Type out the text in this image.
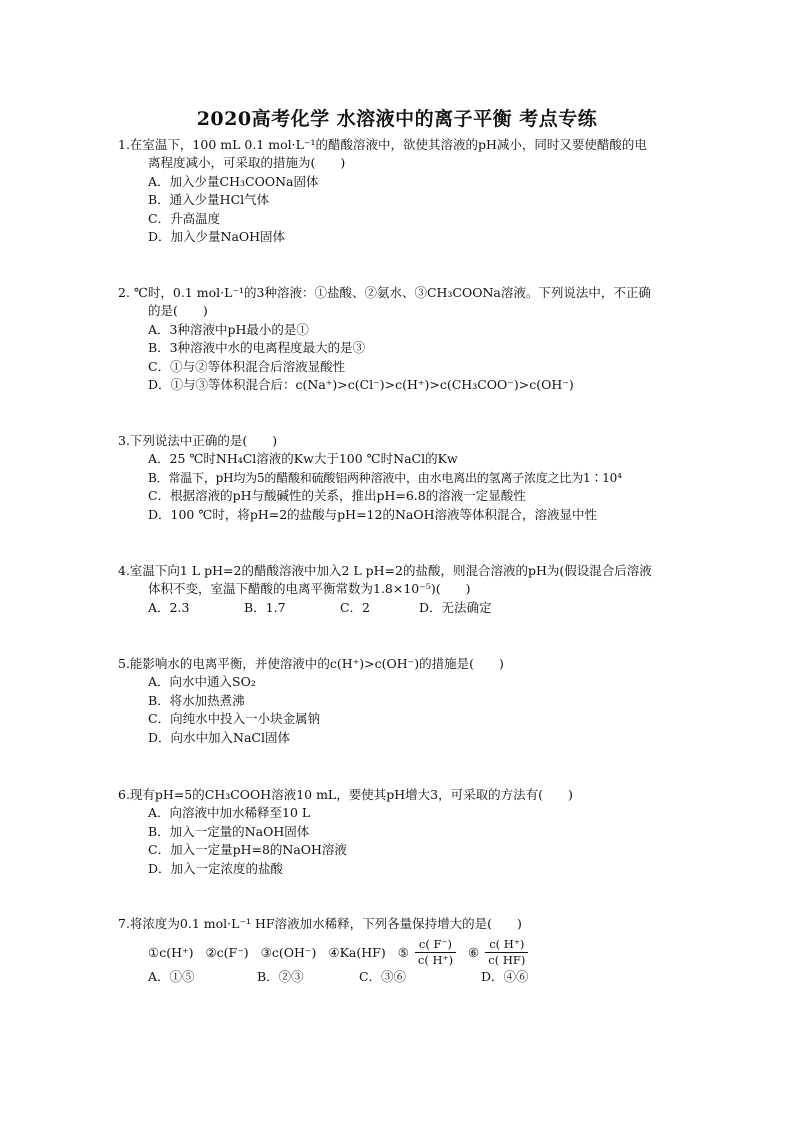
2020高考化学 水溶液中的离子平衡 考点专练
1.在室温下，100 mL 0.1 mol·L⁻¹的醋酸溶液中，欲使其溶液的pH减小，同时又要使醋酸的电
离程度减小，可采取的措施为(　　)
A．加入少量CH₃COONa固体
B．通入少量HCl气体
C．升高温度
D．加入少量NaOH固体
2. ℃时，0.1 mol·L⁻¹的3种溶液：①盐酸、②氨水、③CH₃COONa溶液。下列说法中，不正确
的是(　　)
A．3种溶液中pH最小的是①
B．3种溶液中水的电离程度最大的是③
C．①与②等体积混合后溶液显酸性
D．①与③等体积混合后：c(Na⁺)>c(Cl⁻)>c(H⁺)>c(CH₃COO⁻)>c(OH⁻)
3.下列说法中正确的是(　　)
A．25 ℃时NH₄Cl溶液的Kw大于100 ℃时NaCl的Kw
B．常温下，pH均为5的醋酸和硫酸铝两种溶液中，由水电离出的氢离子浓度之比为1∶10⁴
C．根据溶液的pH与酸碱性的关系，推出pH=6.8的溶液一定显酸性
D．100 ℃时，将pH=2的盐酸与pH=12的NaOH溶液等体积混合，溶液显中性
4.室温下向1 L pH=2的醋酸溶液中加入2 L pH=2的盐酸，则混合溶液的pH为(假设混合后溶液
体积不变，室温下醋酸的电离平衡常数为1.8×10⁻⁵)(　　)
A．2.3	B．1.7	C．2	D．无法确定
5.能影响水的电离平衡，并使溶液中的c(H⁺)>c(OH⁻)的措施是(　　)
A．向水中通入SO₂
B．将水加热煮沸
C．向纯水中投入一小块金属钠
D．向水中加入NaCl固体
6.现有pH=5的CH₃COOH溶液10 mL，要使其pH增大3，可采取的方法有(　　)
A．向溶液中加水稀释至10 L
B．加入一定量的NaOH固体
C．加入一定量pH=8的NaOH溶液
D．加入一定浓度的盐酸
7.将浓度为0.1 mol·L⁻¹ HF溶液加水稀释，下列各量保持增大的是(　　)
①c(H⁺) ②c(F⁻) ③c(OH⁻) ④Ka(HF) ⑤ $\frac{c( F^-)}{c( H^+)}$ ⑥ $\frac{c( H^+)}{c( HF)}$
A．①⑤	B．②③	C．③⑥	D．④⑥
